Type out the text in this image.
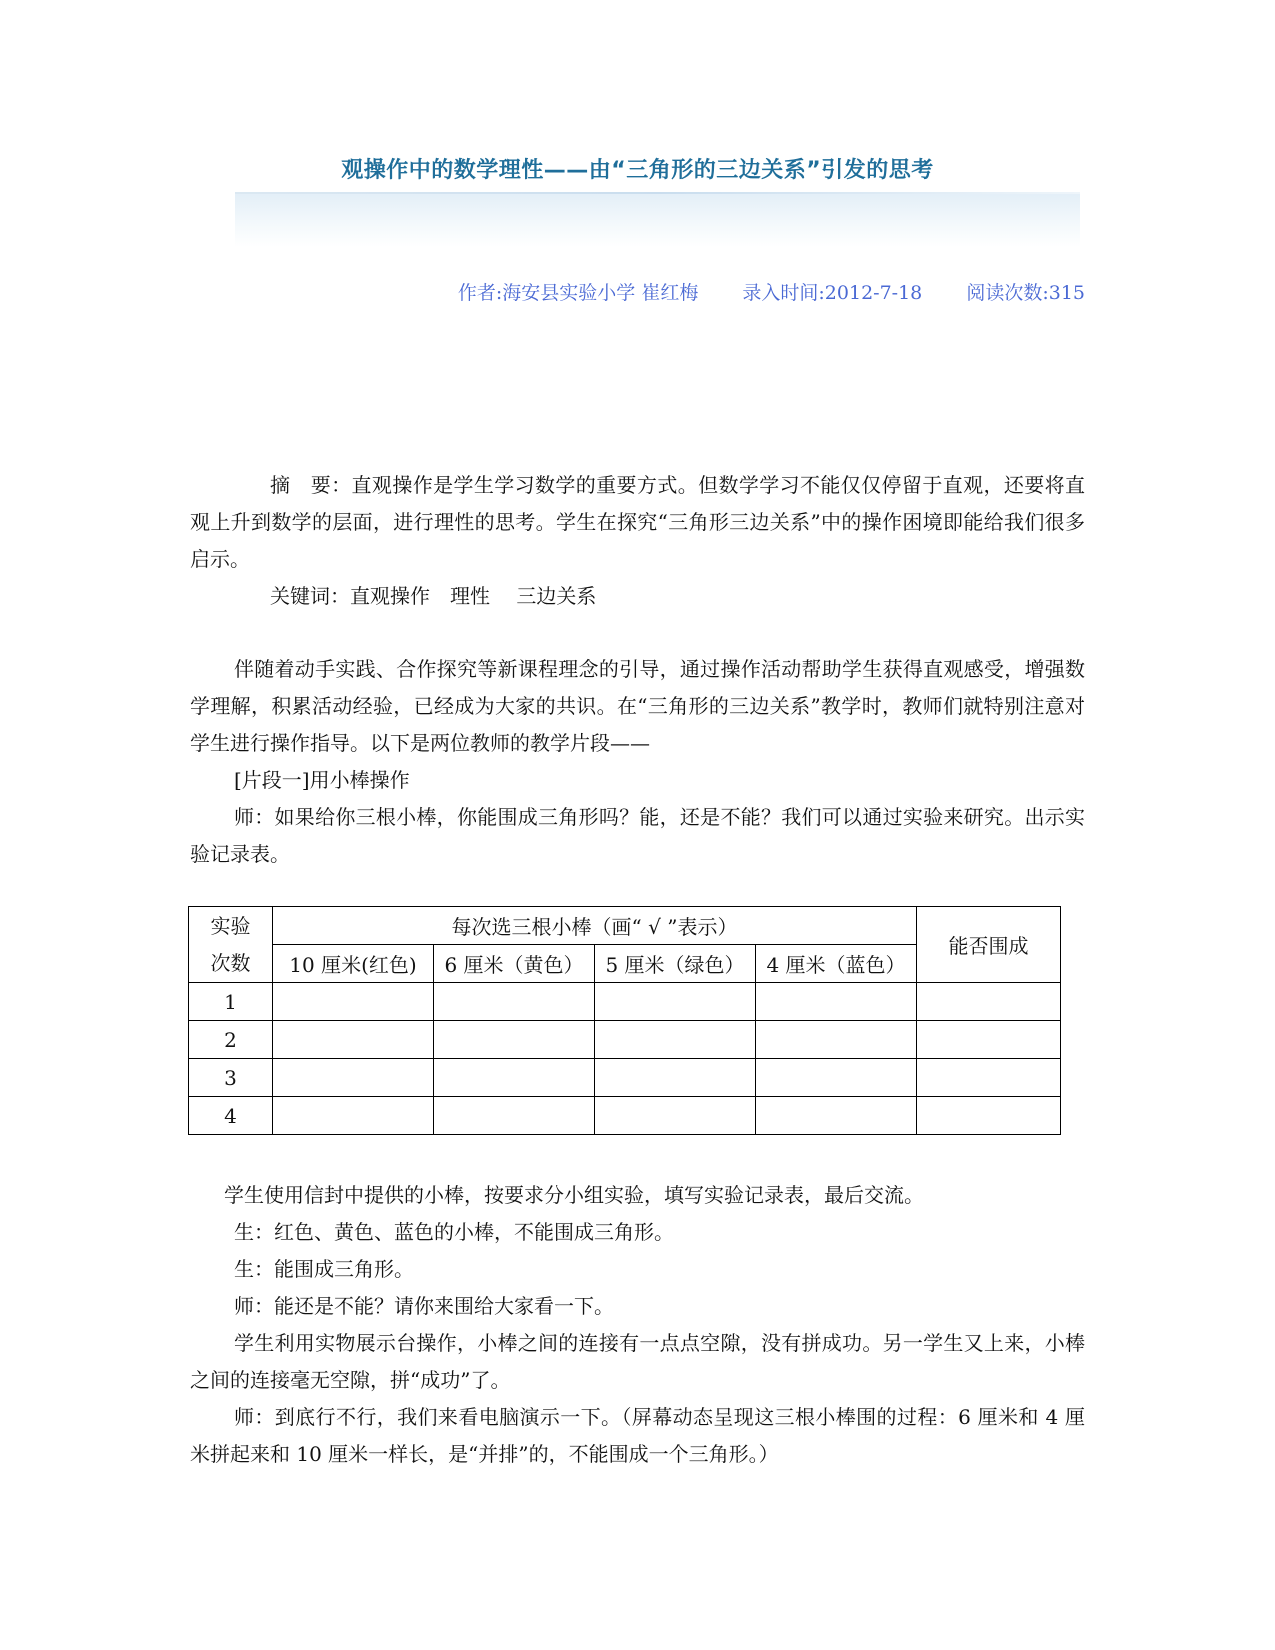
观操作中的数学理性——由“三角形的三边关系”引发的思考
作者:海安县实验小学 崔红梅 录入时间:2012-7-18 阅读次数:315
摘　要：直观操作是学生学习数学的重要方式。但数学学习不能仅仅停留于直观，还要将直观上升到数学的层面，进行理性的思考。学生在探究“三角形三边关系”中的操作困境即能给我们很多启示。
关键词：直观操作　理性　 三边关系
伴随着动手实践、合作探究等新课程理念的引导，通过操作活动帮助学生获得直观感受，增强数学理解，积累活动经验，已经成为大家的共识。在“三角形的三边关系”教学时，教师们就特别注意对学生进行操作指导。以下是两位教师的教学片段——
[片段一]用小棒操作
师：如果给你三根小棒，你能围成三角形吗？能，还是不能？我们可以通过实验来研究。出示实验记录表。
实验
次数	每次选三根小棒（画“ √ ”表示）				能否围成
	10 厘米(红色)	6 厘米（黄色）	5 厘米（绿色）	4 厘米（蓝色）	
1					
2					
3					
4					
学生使用信封中提供的小棒，按要求分小组实验，填写实验记录表，最后交流。
生：红色、黄色、蓝色的小棒，不能围成三角形。
生：能围成三角形。
师：能还是不能？请你来围给大家看一下。
学生利用实物展示台操作，小棒之间的连接有一点点空隙，没有拼成功。另一学生又上来，小棒之间的连接毫无空隙，拼“成功”了。
师：到底行不行，我们来看电脑演示一下。（屏幕动态呈现这三根小棒围的过程：6 厘米和 4 厘米拼起来和 10 厘米一样长，是“并排”的，不能围成一个三角形。）
